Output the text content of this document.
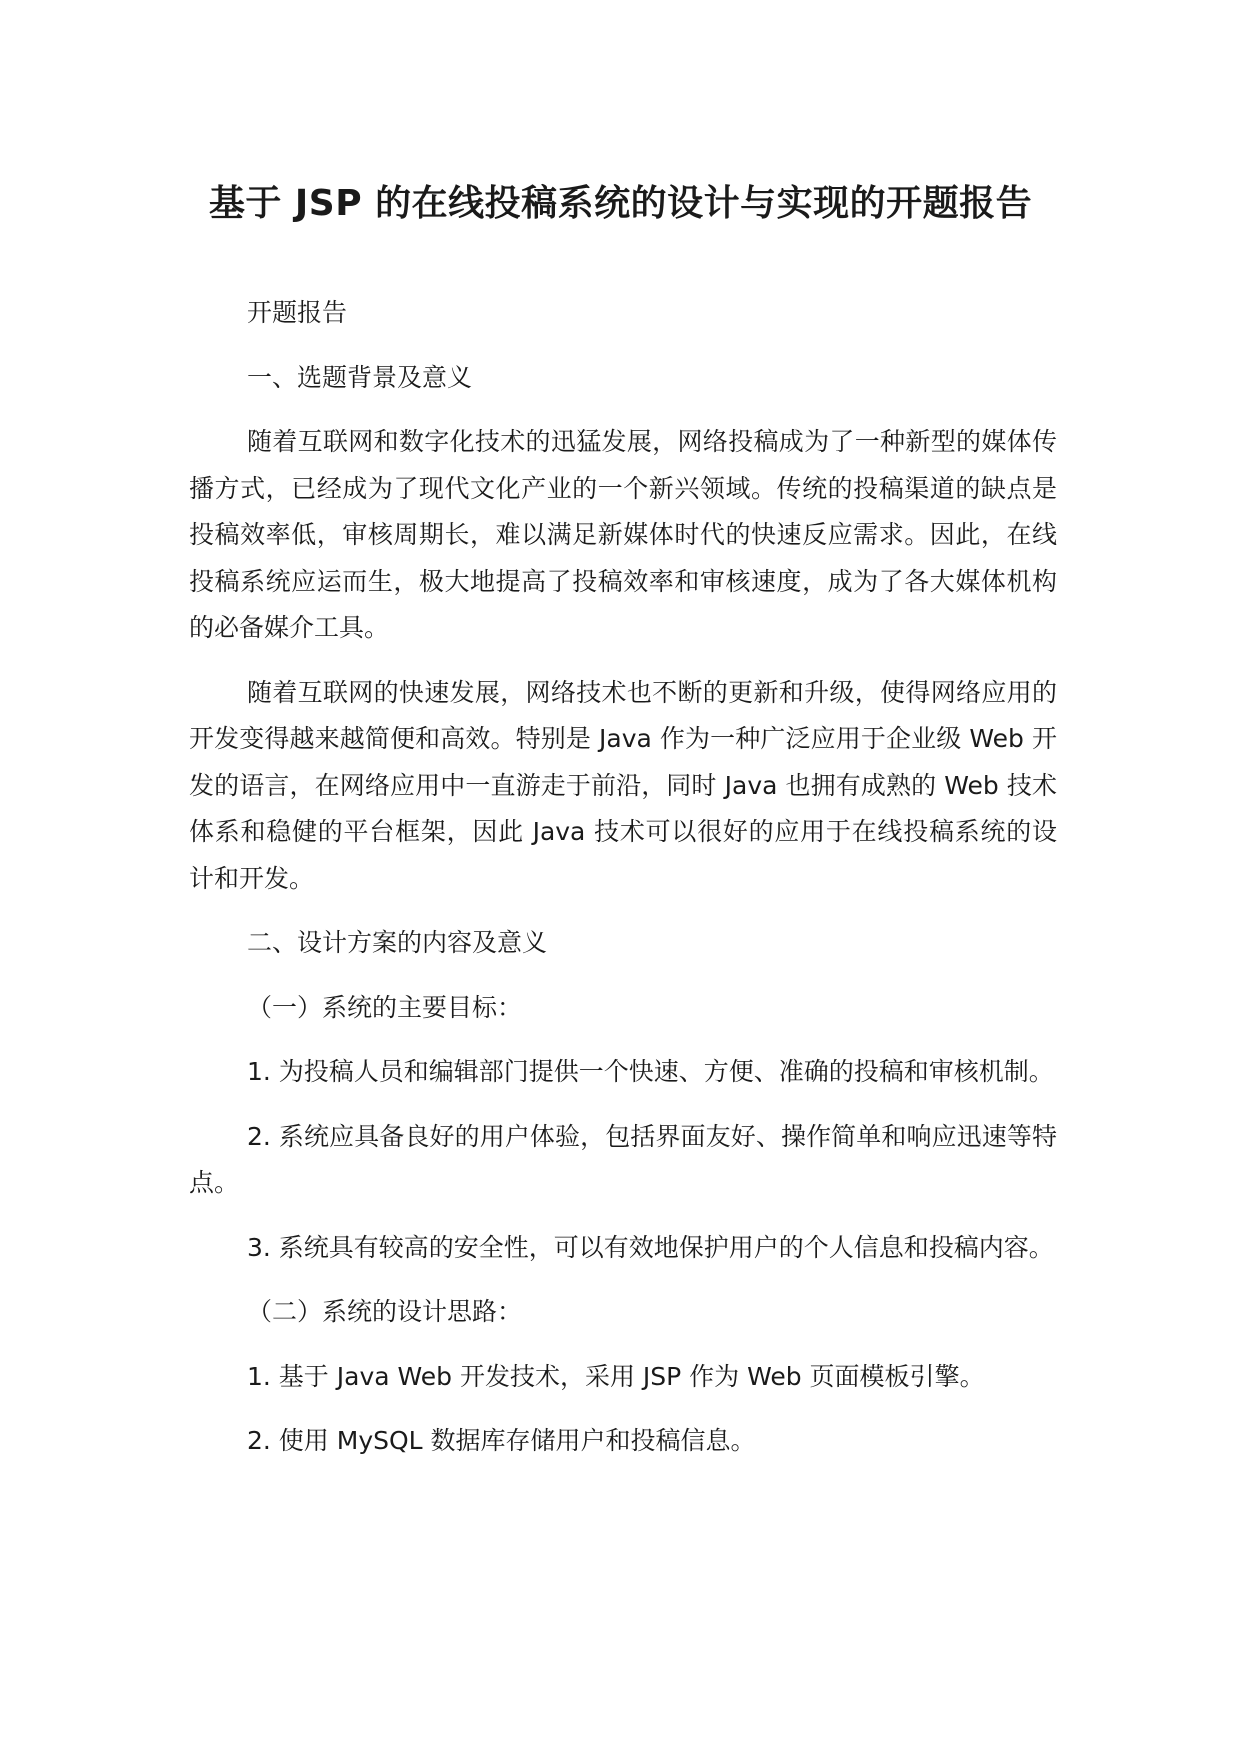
基于 JSP 的在线投稿系统的设计与实现的开题报告

开题报告

一、选题背景及意义

随着互联网和数字化技术的迅猛发展，网络投稿成为了一种新型的媒体传播方式，已经成为了现代文化产业的一个新兴领域。传统的投稿渠道的缺点是投稿效率低，审核周期长，难以满足新媒体时代的快速反应需求。因此，在线投稿系统应运而生，极大地提高了投稿效率和审核速度，成为了各大媒体机构的必备媒介工具。

随着互联网的快速发展，网络技术也不断的更新和升级，使得网络应用的开发变得越来越简便和高效。特别是 Java 作为一种广泛应用于企业级 Web 开发的语言，在网络应用中一直游走于前沿，同时 Java 也拥有成熟的 Web 技术体系和稳健的平台框架，因此 Java 技术可以很好的应用于在线投稿系统的设计和开发。

二、设计方案的内容及意义

（一）系统的主要目标：

1. 为投稿人员和编辑部门提供一个快速、方便、准确的投稿和审核机制。

2. 系统应具备良好的用户体验，包括界面友好、操作简单和响应迅速等特点。

3. 系统具有较高的安全性，可以有效地保护用户的个人信息和投稿内容。

（二）系统的设计思路：

1. 基于 Java Web 开发技术，采用 JSP 作为 Web 页面模板引擎。

2. 使用 MySQL 数据库存储用户和投稿信息。
